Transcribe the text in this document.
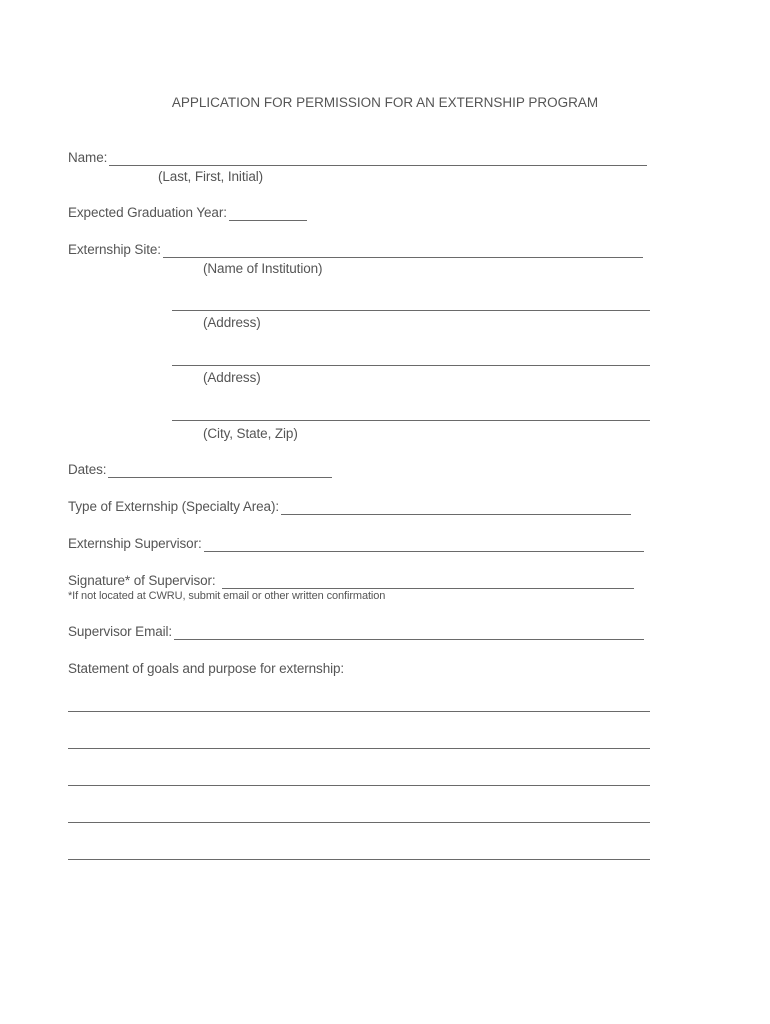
APPLICATION FOR PERMISSION FOR AN EXTERNSHIP PROGRAM
Name:
(Last, First, Initial)
Expected Graduation Year:
Externship Site:
(Name of Institution)
(Address)
(Address)
(City, State, Zip)
Dates:
Type of Externship (Specialty Area):
Externship Supervisor:
Signature* of Supervisor:
*If not located at CWRU, submit email or other written confirmation
Supervisor Email:
Statement of goals and purpose for externship:
